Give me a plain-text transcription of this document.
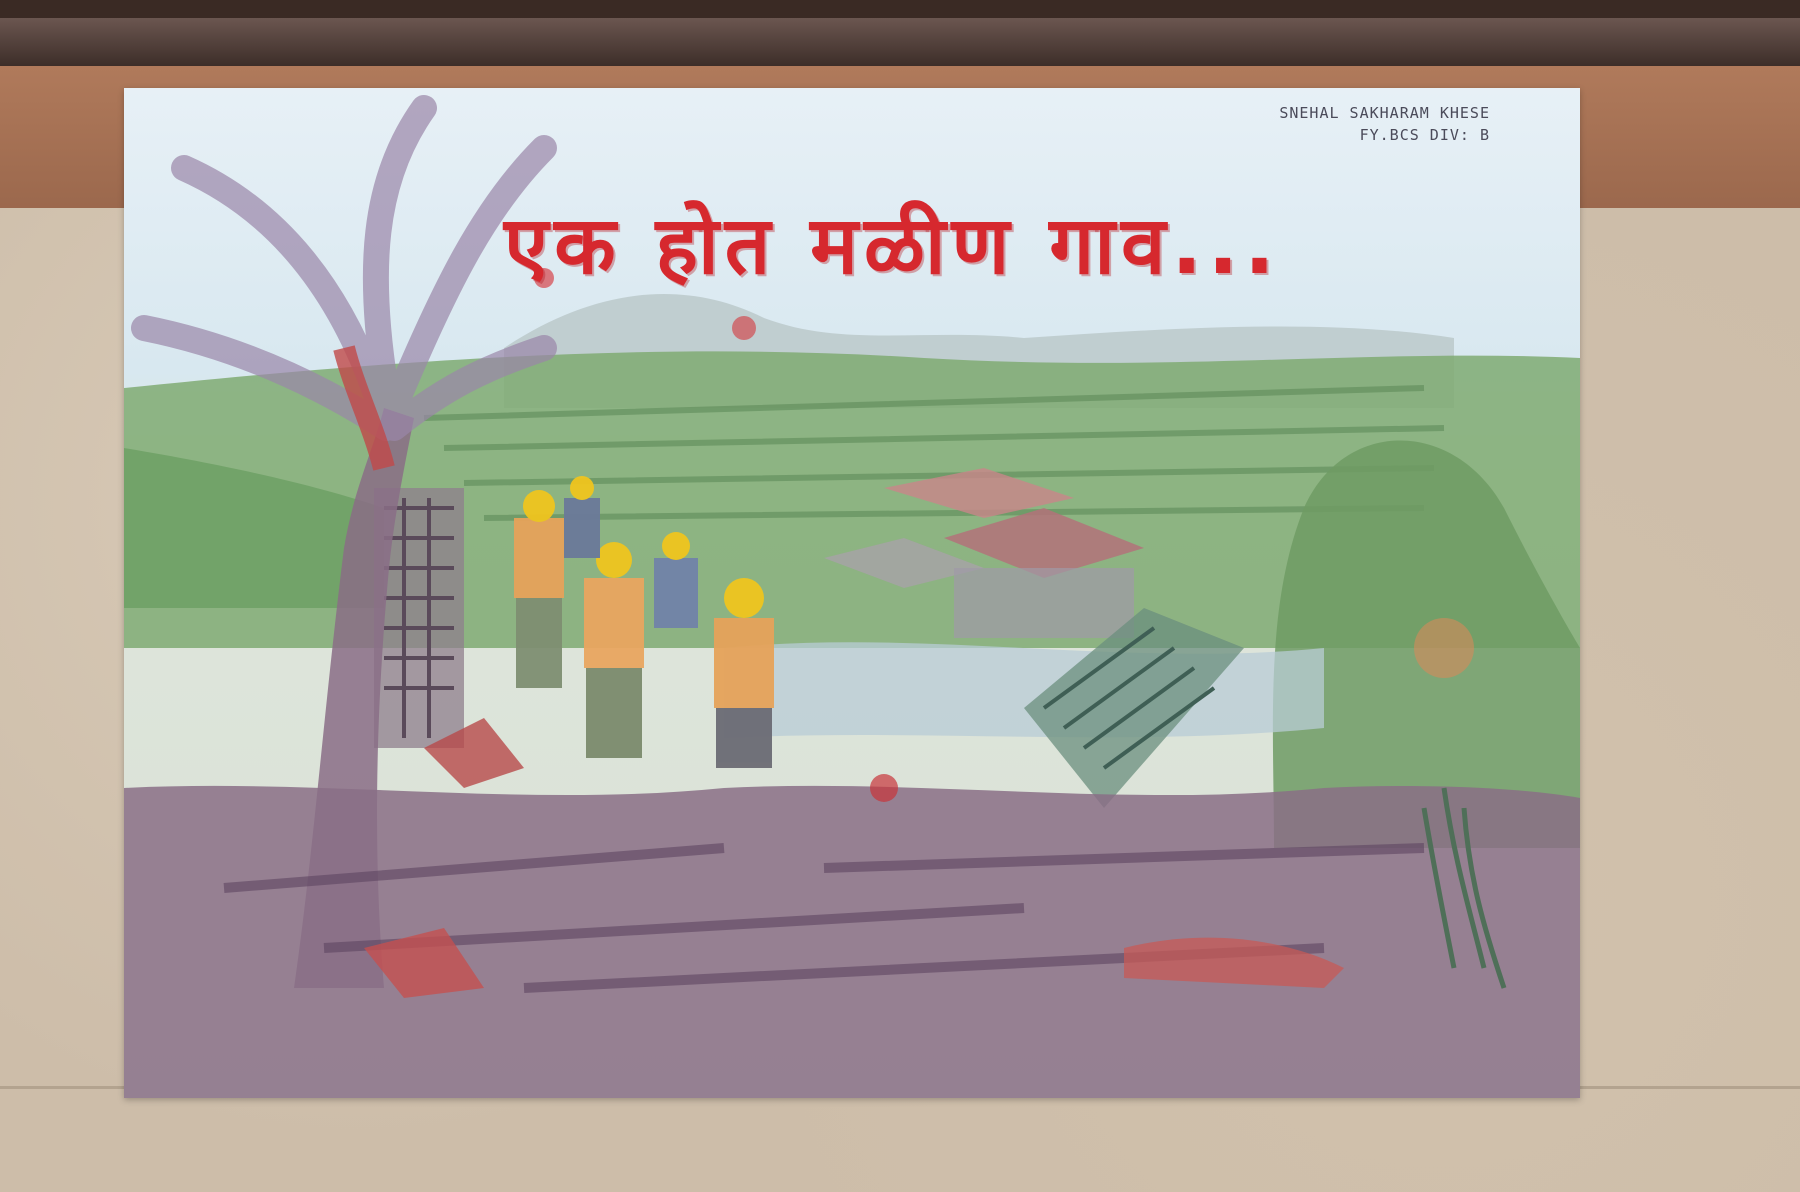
SNEHAL SAKHARAM KHESE
FY.BCS DIV: B
एक होत मळीण गाव...
